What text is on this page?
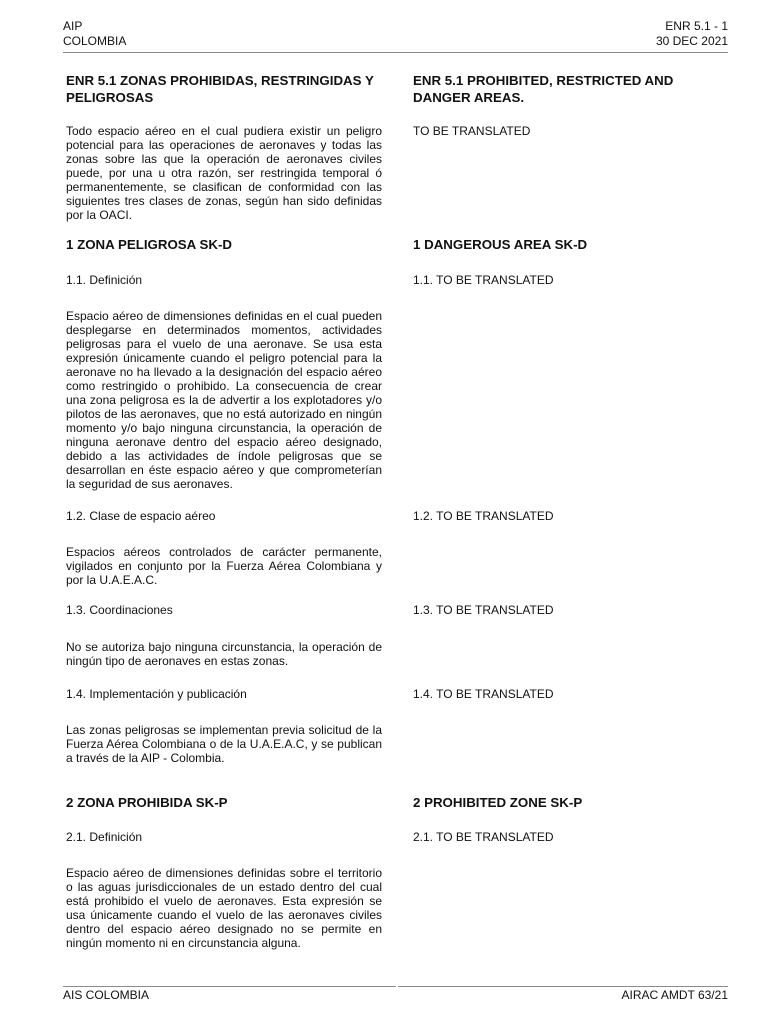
AIP
COLOMBIA
ENR 5.1 - 1
30 DEC 2021

ENR 5.1 ZONAS PROHIBIDAS, RESTRINGIDAS Y PELIGROSAS

Todo espacio aéreo en el cual pudiera existir un peligro potencial para las operaciones de aeronaves y todas las zonas sobre las que la operación de aeronaves civiles puede, por una u otra razón, ser restringida temporal ó permanentemente, se clasifican de conformidad con las siguientes tres clases de zonas, según han sido definidas por la OACI.

1 ZONA PELIGROSA SK-D

1.1. Definición

Espacio aéreo de dimensiones definidas en el cual pueden desplegarse en determinados momentos, actividades peligrosas para el vuelo de una aeronave. Se usa esta expresión únicamente cuando el peligro potencial para la aeronave no ha llevado a la designación del espacio aéreo como restringido o prohibido. La consecuencia de crear una zona peligrosa es la de advertir a los explotadores y/o pilotos de las aeronaves, que no está autorizado en ningún momento y/o bajo ninguna circunstancia, la operación de ninguna aeronave dentro del espacio aéreo designado, debido a las actividades de índole peligrosas que se desarrollan en éste espacio aéreo y que comprometerían la seguridad de sus aeronaves.

1.2. Clase de espacio aéreo

Espacios aéreos controlados de carácter permanente, vigilados en conjunto por la Fuerza Aérea Colombiana y por la U.A.E.A.C.

1.3. Coordinaciones

No se autoriza bajo ninguna circunstancia, la operación de ningún tipo de aeronaves en estas zonas.

1.4. Implementación y publicación

Las zonas peligrosas se implementan previa solicitud de la Fuerza Aérea Colombiana o de la U.A.E.A.C, y se publican a través de la AIP - Colombia.

2 ZONA PROHIBIDA SK-P

2.1. Definición

Espacio aéreo de dimensiones definidas sobre el territorio o las aguas jurisdiccionales de un estado dentro del cual está prohibido el vuelo de aeronaves. Esta expresión se usa únicamente cuando el vuelo de las aeronaves civiles dentro del espacio aéreo designado no se permite en ningún momento ni en circunstancia alguna.

ENR 5.1 PROHIBITED, RESTRICTED AND DANGER AREAS.

TO BE TRANSLATED

1 DANGEROUS AREA SK-D

1.1. TO BE TRANSLATED

1.2. TO BE TRANSLATED

1.3. TO BE TRANSLATED

1.4. TO BE TRANSLATED

2 PROHIBITED ZONE SK-P

2.1. TO BE TRANSLATED

AIS COLOMBIA	AIRAC AMDT 63/21
